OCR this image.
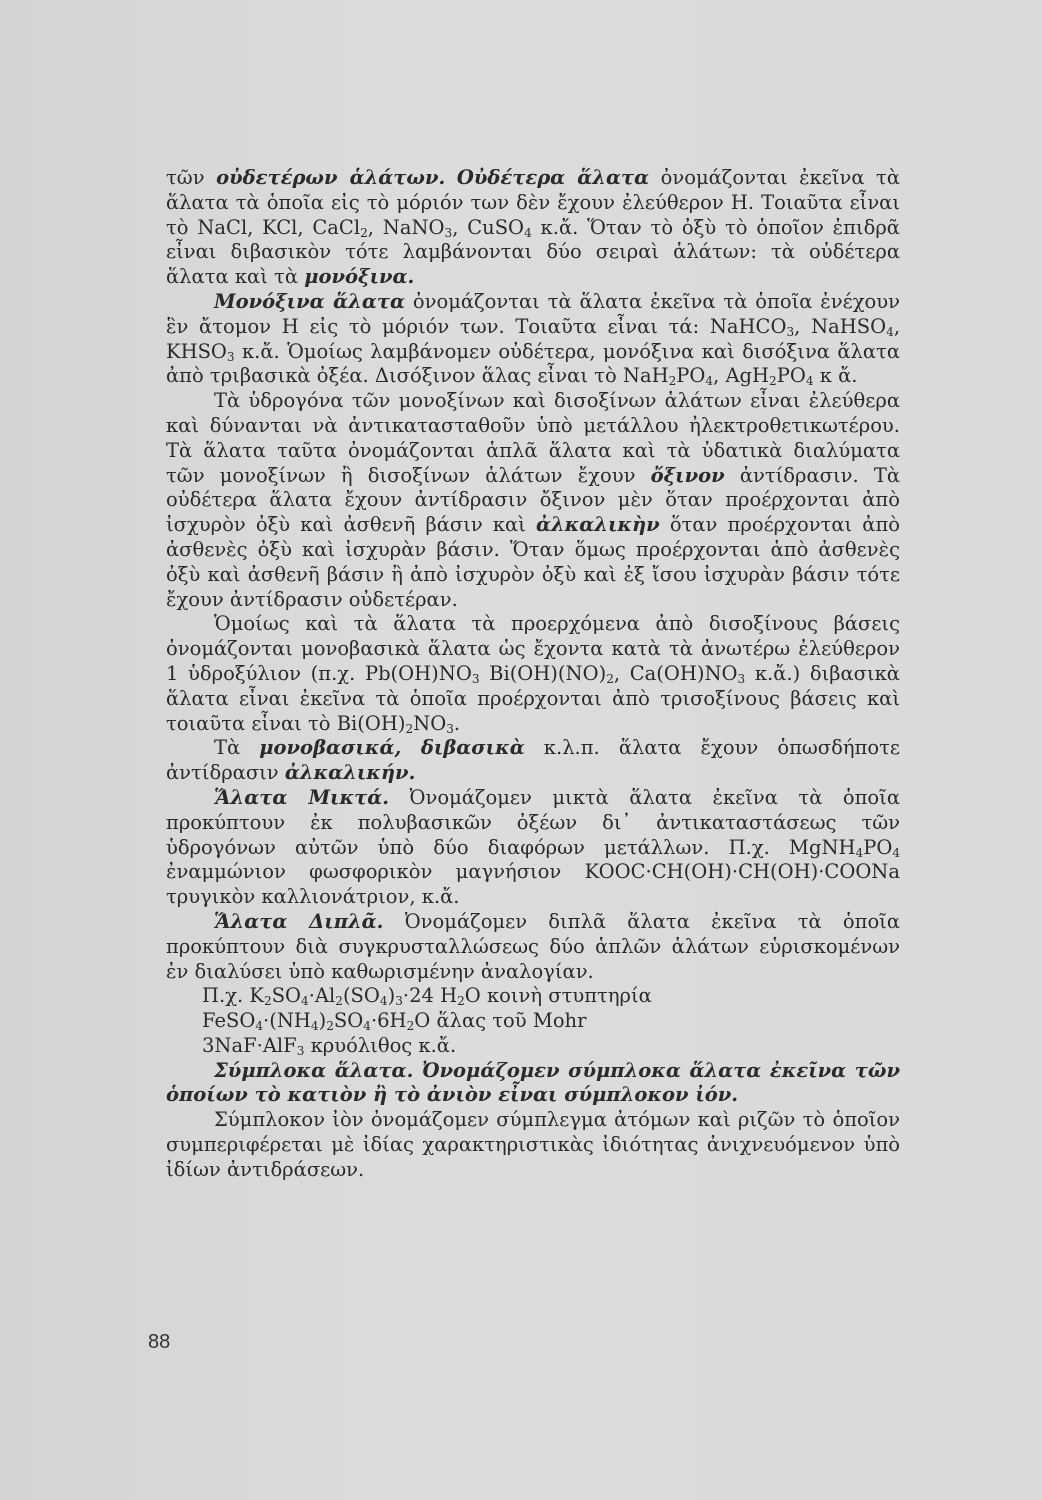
τῶν οὐδετέρων ἁλάτων. Οὐδέτερα ἅλατα ὀνομάζονται ἐκεῖνα τὰ ἅλατα τὰ ὁποῖα εἰς τὸ μόριόν των δὲν ἔχουν ἐλεύθερον Η. Τοιαῦτα εἶναι τὸ NaCl, KCl, CaCl$_2$, NaNO$_3$, CuSO$_4$ κ.ἄ. Ὅταν τὸ ὀξὺ τὸ ὁποῖον ἐπιδρᾶ εἶναι διβασικὸν τότε λαμβάνονται δύο σειραὶ ἁλάτων: τὰ οὐδέτερα ἅλατα καὶ τὰ μονόξινα.

Μονόξινα ἅλατα ὀνομάζονται τὰ ἅλατα ἐκεῖνα τὰ ὁποῖα ἐνέχουν ἓν ἄτομον Η εἰς τὸ μόριόν των. Τοιαῦτα εἶναι τά: NaHCO$_3$, NaHSO$_4$, $KHSO_3$ κ.ἄ. Ὁμοίως λαμβάνομεν οὐδέτερα, μονόξινα καὶ δισόξινα ἅλατα ἀπὸ τριβασικὰ ὀξέα. Δισόξινον ἅλας εἶναι τὸ $NaH_2PO_4$, $AgH_2PO_4$ κ ἄ.

Τὰ ὑδρογόνα τῶν μονοξίνων καὶ δισοξίνων ἁλάτων εἶναι ἐλεύθερα καὶ δύνανται νὰ ἀντικατασταθοῦν ὑπὸ μετάλλου ἠλεκτροθετικωτέρου. Τὰ ἅλατα ταῦτα ὀνομάζονται ἁπλᾶ ἅλατα καὶ τὰ ὑδατικὰ διαλύματα τῶν μονοξίνων ἢ δισοξίνων ἁλάτων ἔχουν ὄξινον ἀντίδρασιν. Τὰ οὐδέτερα ἅλατα ἔχουν ἀντίδρασιν ὄξινον μὲν ὅταν προέρχονται ἀπὸ ἰσχυρὸν ὀξὺ καὶ ἀσθενῆ βάσιν καὶ ἀλκαλικὴν ὅταν προέρχονται ἀπὸ ἀσθενὲς ὀξὺ καὶ ἰσχυρὰν βάσιν. Ὅταν ὅμως προέρχονται ἀπὸ ἀσθενὲς ὀξὺ καὶ ἀσθενῆ βάσιν ἢ ἀπὸ ἰσχυρὸν ὀξὺ καὶ ἐξ ἴσου ἰσχυρὰν βάσιν τότε ἔχουν ἀντίδρασιν οὐδετέραν.

Ὁμοίως καὶ τὰ ἅλατα τὰ προερχόμενα ἀπὸ δισοξίνους βάσεις ὀνομάζονται μονοβασικὰ ἅλατα ὡς ἔχοντα κατὰ τὰ ἀνωτέρω ἐλεύθερον 1 ὑδροξύλιον (π.χ. $Pb(OH)NO_3$ $Bi(OH)(NO)_2$, $Ca(OH)NO_3$ κ.ἄ.) διβασικὰ ἅλατα εἶναι ἐκεῖνα τὰ ὁποῖα προέρχονται ἀπὸ τρισοξίνους βάσεις καὶ τοιαῦτα εἶναι τὸ $Bi(OH)_2NO_3$.

Τὰ μονοβασικά, διβασικὰ κ.λ.π. ἅλατα ἔχουν ὁπωσδήποτε ἀντίδρασιν ἀλκαλικήν.

Ἅλατα Μικτά. Ὀνομάζομεν μικτὰ ἅλατα ἐκεῖνα τὰ ὁποῖα προκύπτουν ἐκ πολυβασικῶν ὀξέων δι᾽ ἀντικαταστάσεως τῶν ὑδρογόνων αὐτῶν ὑπὸ δύο διαφόρων μετάλλων. Π.χ. $MgNH_4PO_4$ ἐναμμώνιον φωσφορικὸν μαγνήσιον KOOC·CH(OH)·CH(OH)·COONa τρυγικὸν καλλιονάτριον, κ.ἄ.

Ἅλατα Διπλᾶ. Ὀνομάζομεν διπλᾶ ἅλατα ἐκεῖνα τὰ ὁποῖα προκύπτουν διὰ συγκρυσταλλώσεως δύο ἁπλῶν ἁλάτων εὑρισκομένων ἐν διαλύσει ὑπὸ καθωρισμένην ἀναλογίαν.

Π.χ. $K_2SO_4\cdot Al_2(SO_4)_3\cdot 24$ $H_2O$ κοινὴ στυπτηρία

$FeSO_4\cdot(NH_4)_2SO_4\cdot 6H_2O$ ἅλας τοῦ Mohr

3NaF·AlF$_3$ κρυόλιθος κ.ἄ.

Σύμπλοκα ἅλατα. Ὀνομάζομεν σύμπλοκα ἅλατα ἐκεῖνα τῶν ὁποίων τὸ κατιὸν ἢ τὸ ἀνιὸν εἶναι σύμπλοκον ἰόν.

Σύμπλοκον ἰὸν ὀνομάζομεν σύμπλεγμα ἀτόμων καὶ ριζῶν τὸ ὁποῖον συμπεριφέρεται μὲ ἰδίας χαρακτηριστικὰς ἰδιότητας ἀνιχνευόμενον ὑπὸ ἰδίων ἀντιδράσεων.

88
